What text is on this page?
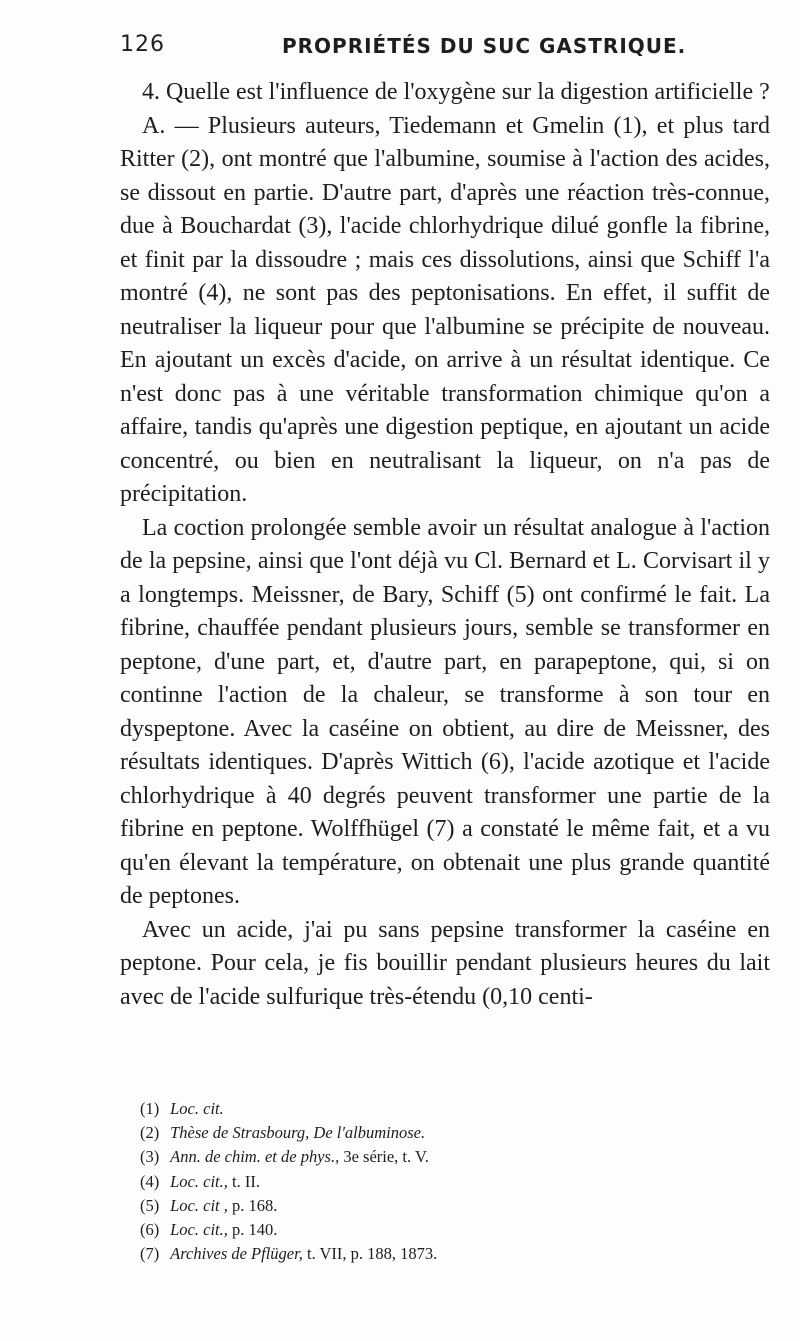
126	PROPRIÉTÉS DU SUC GASTRIQUE.

4. Quelle est l'influence de l'oxygène sur la digestion artificielle ?

A. — Plusieurs auteurs, Tiedemann et Gmelin (1), et plus tard Ritter (2), ont montré que l'albumine, soumise à l'action des acides, se dissout en partie. D'autre part, d'après une réaction très-connue, due à Bouchardat (3), l'acide chlorhydrique dilué gonfle la fibrine, et finit par la dissoudre ; mais ces dissolutions, ainsi que Schiff l'a montré (4), ne sont pas des peptonisations. En effet, il suffit de neutraliser la liqueur pour que l'albumine se précipite de nouveau. En ajoutant un excès d'acide, on arrive à un résultat identique. Ce n'est donc pas à une véritable transformation chimique qu'on a affaire, tandis qu'après une digestion peptique, en ajoutant un acide concentré, ou bien en neutralisant la liqueur, on n'a pas de précipitation.

La coction prolongée semble avoir un résultat analogue à l'action de la pepsine, ainsi que l'ont déjà vu Cl. Bernard et L. Corvisart il y a longtemps. Meissner, de Bary, Schiff (5) ont confirmé le fait. La fibrine, chauffée pendant plusieurs jours, semble se transformer en peptone, d'une part, et, d'autre part, en parapeptone, qui, si on continne l'action de la chaleur, se transforme à son tour en dyspeptone. Avec la caséine on obtient, au dire de Meissner, des résultats identiques. D'après Wittich (6), l'acide azotique et l'acide chlorhydrique à 40 degrés peuvent transformer une partie de la fibrine en peptone. Wolffhügel (7) a constaté le même fait, et a vu qu'en élevant la température, on obtenait une plus grande quantité de peptones.

Avec un acide, j'ai pu sans pepsine transformer la caséine en peptone. Pour cela, je fis bouillir pendant plusieurs heures du lait avec de l'acide sulfurique très-étendu (0,10 centi-

(1) Loc. cit.

(2) Thèse de Strasbourg, De l'albuminose.

(3) Ann. de chim. et de phys., 3e série, t. V.

(4) Loc. cit., t. II.

(5) Loc. cit , p. 168.

(6) Loc. cit., p. 140.

(7) Archives de Pflüger, t. VII, p. 188, 1873.
